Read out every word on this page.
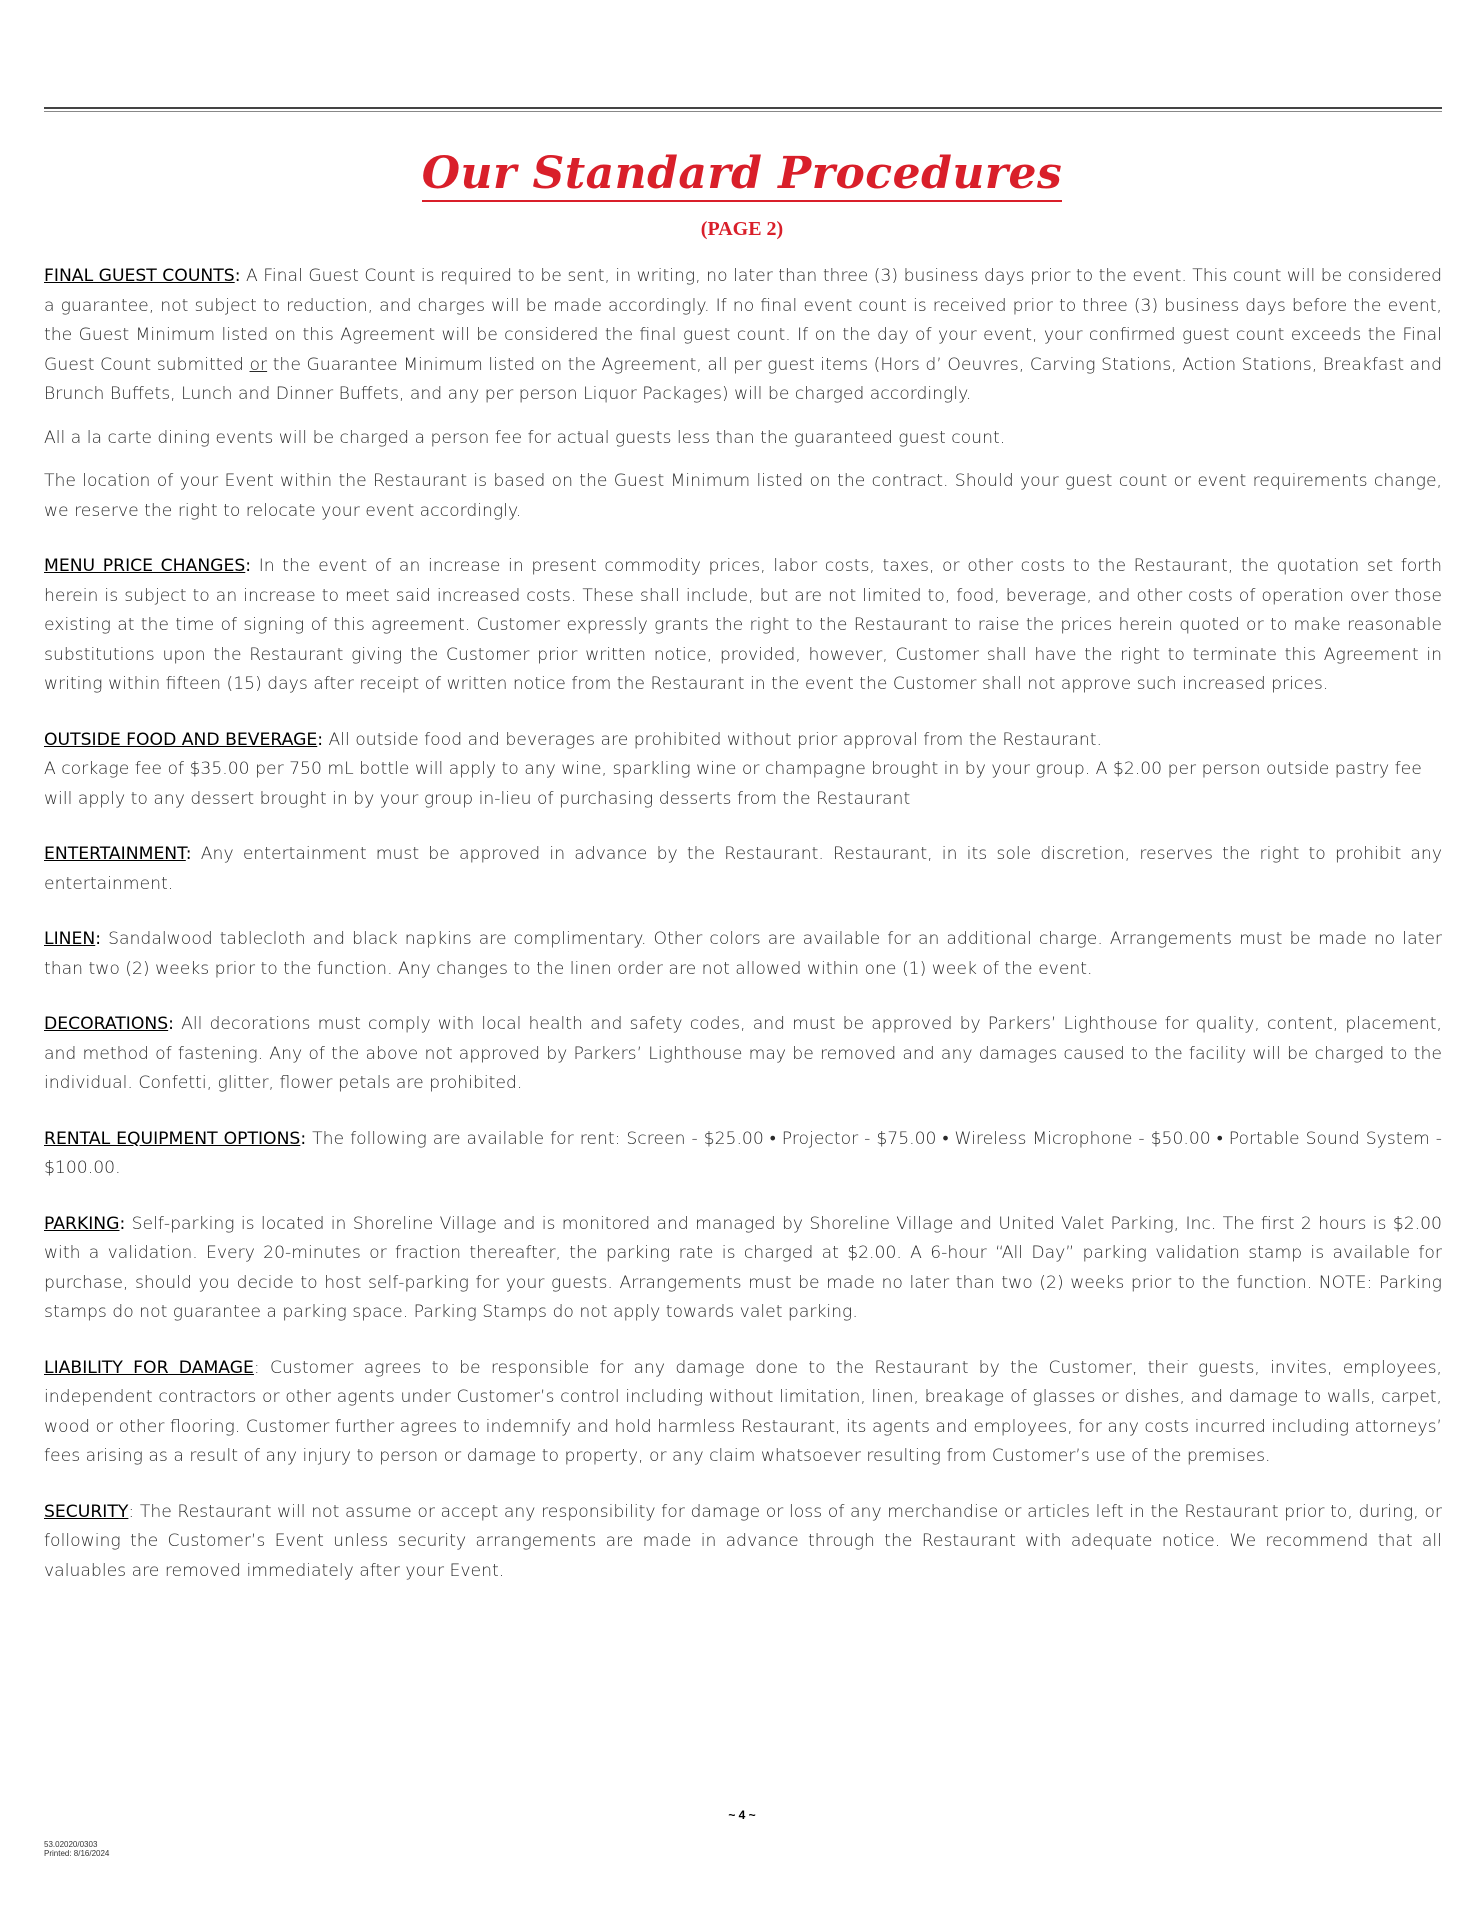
Our Standard Procedures
(PAGE 2)

FINAL GUEST COUNTS: A Final Guest Count is required to be sent, in writing, no later than three (3) business days prior to the event. This count will be considered a guarantee, not subject to reduction, and charges will be made accordingly. If no final event count is received prior to three (3) business days before the event, the Guest Minimum listed on this Agreement will be considered the final guest count. If on the day of your event, your confirmed guest count exceeds the Final Guest Count submitted or the Guarantee Minimum listed on the Agreement, all per guest items (Hors d’ Oeuvres, Carving Stations, Action Stations, Breakfast and Brunch Buffets, Lunch and Dinner Buffets, and any per person Liquor Packages) will be charged accordingly.

All a la carte dining events will be charged a person fee for actual guests less than the guaranteed guest count.

The location of your Event within the Restaurant is based on the Guest Minimum listed on the contract. Should your guest count or event requirements change, we reserve the right to relocate your event accordingly.

MENU PRICE CHANGES: In the event of an increase in present commodity prices, labor costs, taxes, or other costs to the Restaurant, the quotation set forth herein is subject to an increase to meet said increased costs. These shall include, but are not limited to, food, beverage, and other costs of operation over those existing at the time of signing of this agreement. Customer expressly grants the right to the Restaurant to raise the prices herein quoted or to make reasonable substitutions upon the Restaurant giving the Customer prior written notice, provided, however, Customer shall have the right to terminate this Agreement in writing within fifteen (15) days after receipt of written notice from the Restaurant in the event the Customer shall not approve such increased prices.

OUTSIDE FOOD AND BEVERAGE: All outside food and beverages are prohibited without prior approval from the Restaurant.

A corkage fee of $35.00 per 750 mL bottle will apply to any wine, sparkling wine or champagne brought in by your group. A $2.00 per person outside pastry fee will apply to any dessert brought in by your group in-lieu of purchasing desserts from the Restaurant

ENTERTAINMENT: Any entertainment must be approved in advance by the Restaurant. Restaurant, in its sole discretion, reserves the right to prohibit any entertainment.

LINEN: Sandalwood tablecloth and black napkins are complimentary. Other colors are available for an additional charge. Arrangements must be made no later than two (2) weeks prior to the function. Any changes to the linen order are not allowed within one (1) week of the event.

DECORATIONS: All decorations must comply with local health and safety codes, and must be approved by Parkers’ Lighthouse for quality, content, placement, and method of fastening. Any of the above not approved by Parkers’ Lighthouse may be removed and any damages caused to the facility will be charged to the individual. Confetti, glitter, flower petals are prohibited.

RENTAL EQUIPMENT OPTIONS: The following are available for rent: Screen - $25.00 • Projector - $75.00 • Wireless Microphone - $50.00 • Portable Sound System - $100.00.

PARKING: Self-parking is located in Shoreline Village and is monitored and managed by Shoreline Village and United Valet Parking, Inc. The first 2 hours is $2.00 with a validation. Every 20-minutes or fraction thereafter, the parking rate is charged at $2.00. A 6-hour “All Day” parking validation stamp is available for purchase, should you decide to host self-parking for your guests. Arrangements must be made no later than two (2) weeks prior to the function. NOTE: Parking stamps do not guarantee a parking space. Parking Stamps do not apply towards valet parking.

LIABILITY FOR DAMAGE: Customer agrees to be responsible for any damage done to the Restaurant by the Customer, their guests, invites, employees, independent contractors or other agents under Customer’s control including without limitation, linen, breakage of glasses or dishes, and damage to walls, carpet, wood or other flooring. Customer further agrees to indemnify and hold harmless Restaurant, its agents and employees, for any costs incurred including attorneys’ fees arising as a result of any injury to person or damage to property, or any claim whatsoever resulting from Customer’s use of the premises.

SECURITY: The Restaurant will not assume or accept any responsibility for damage or loss of any merchandise or articles left in the Restaurant prior to, during, or following the Customer’s Event unless security arrangements are made in advance through the Restaurant with adequate notice. We recommend that all valuables are removed immediately after your Event.

~ 4 ~
53.02020/0303
Printed: 8/16/2024
